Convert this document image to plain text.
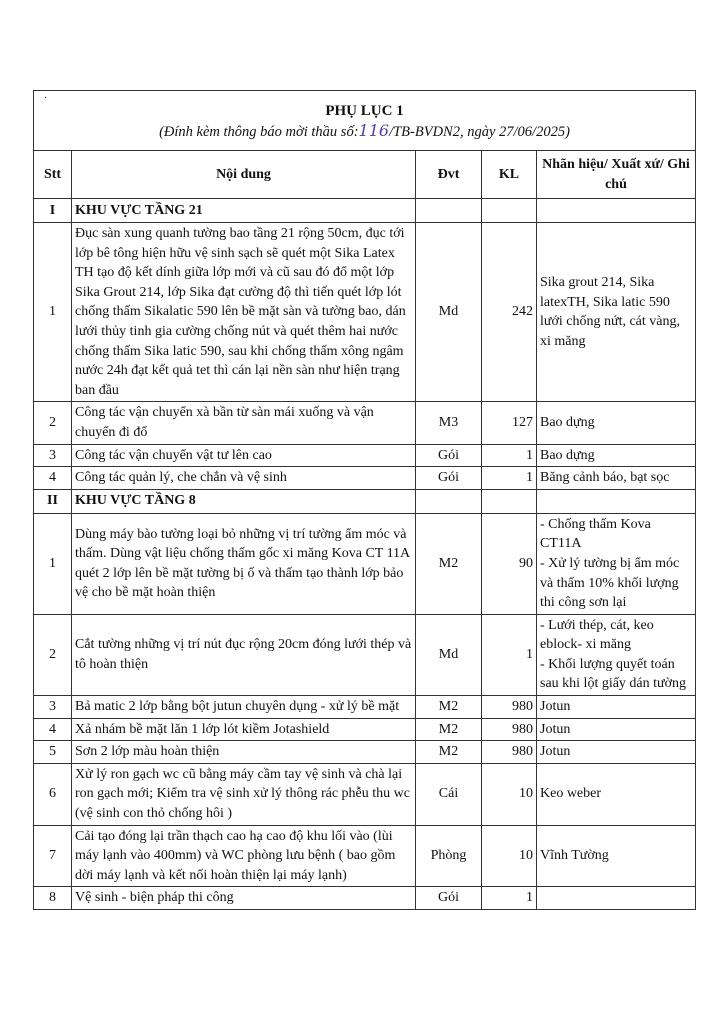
·
PHỤ LỤC 1
(Đính kèm thông báo mời thầu số:116/TB-BVDN2, ngày 27/06/2025)				

Stt	Nội dung	Đvt	KL	Nhãn hiệu/ Xuất xứ/ Ghi chú
I	KHU VỰC TẦNG 21			
1	Đục sàn xung quanh tường bao tầng 21 rộng 50cm, đục tới lớp bê tông hiện hữu vệ sinh sạch sẽ quét một Sika Latex TH tạo độ kết dính giữa lớp mới và cũ sau đó đổ một lớp Sika Grout 214, lớp Sika đạt cường độ thì tiến quét lớp lót chống thấm Sikalatic 590 lên bề mặt sàn và tường bao, dán lưới thủy tinh gia cường chống nút và quét thêm hai nước chống thấm Sika latic 590, sau khi chống thấm xông ngâm nước 24h đạt kết quả tet thì cán lại nền sàn như hiện trạng ban đầu	Md	242	Sika grout 214, Sika latexTH, Sika latic 590 lưới chống nứt, cát vàng, xi măng
2	Công tác vận chuyển xà bần từ sàn mái xuống và vận chuyển đi đổ	M3	127	Bao dựng
3	Công tác vận chuyển vật tư lên cao	Gói	1	Bao dựng
4	Công tác quản lý, che chắn và vệ sinh	Gói	1	Băng cảnh báo, bạt sọc
II	KHU VỰC TẦNG 8			
1	Dùng máy bào tường loại bỏ những vị trí tường ẩm móc và thấm. Dùng vật liệu chống thấm gốc xi măng Kova CT 11A quét 2 lớp lên bề mặt tường bị ố và thấm tạo thành lớp bảo vệ cho bề mặt hoàn thiện	M2	90	- Chống thấm Kova CT11A
- Xử lý tường bị ẩm móc và thấm 10% khối lượng thi công sơn lại
2	Cắt tường những vị trí nút đục rộng 20cm đóng lưới thép và tô hoàn thiện	Md	1	- Lưới thép, cát, keo eblock- xi măng
- Khối lượng quyết toán sau khi lột giấy dán tường
3	Bả matic 2 lớp bằng bột jutun chuyên dụng - xử lý bề mặt	M2	980	Jotun
4	Xả nhám bề mặt lăn 1 lớp lót kiềm Jotashield	M2	980	Jotun
5	Sơn 2 lớp màu hoàn thiện	M2	980	Jotun
6	Xử lý ron gạch wc cũ bằng máy cầm tay vệ sinh và chà lại ron gạch mới; Kiểm tra vệ sinh xử lý thông rác phễu thu wc (vệ sinh con thỏ chống hôi )	Cái	10	Keo weber
7	Cải tạo đóng lại trần thạch cao hạ cao độ khu lối vào (lùi máy lạnh vào 400mm) và WC phòng lưu bệnh ( bao gồm dời máy lạnh và kết nối hoàn thiện lại máy lạnh)	Phòng	10	Vĩnh Tường
8	Vệ sinh - biện pháp thi công	Gói	1	
